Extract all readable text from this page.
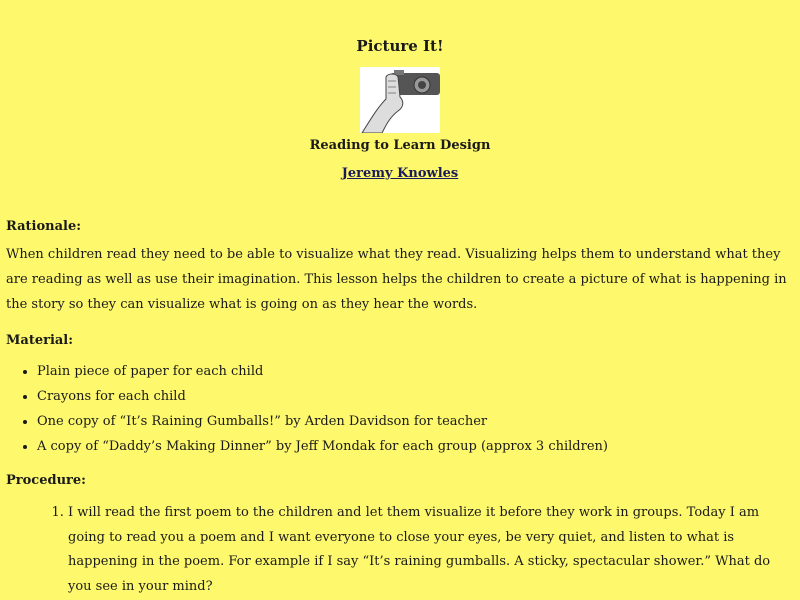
Picture It!
Reading to Learn Design
Jeremy Knowles
Rationale:

When children read they need to be able to visualize what they read. Visualizing helps them to understand what they are reading as well as use their imagination. This lesson helps the children to create a picture of what is happening in the story so they can visualize what is going on as they hear the words.

Material:
• Plain piece of paper for each child
• Crayons for each child
• One copy of “It’s Raining Gumballs!” by Arden Davidson for teacher
• A copy of “Daddy’s Making Dinner” by Jeff Mondak for each group (approx 3 children)
Procedure:
1. I will read the first poem to the children and let them visualize it before they work in groups. Today I am going to read you a poem and I want everyone to close your eyes, be very quiet, and listen to what is happening in the poem. For example if I say “It’s raining gumballs. A sticky, spectacular shower.” What do you see in your mind?
